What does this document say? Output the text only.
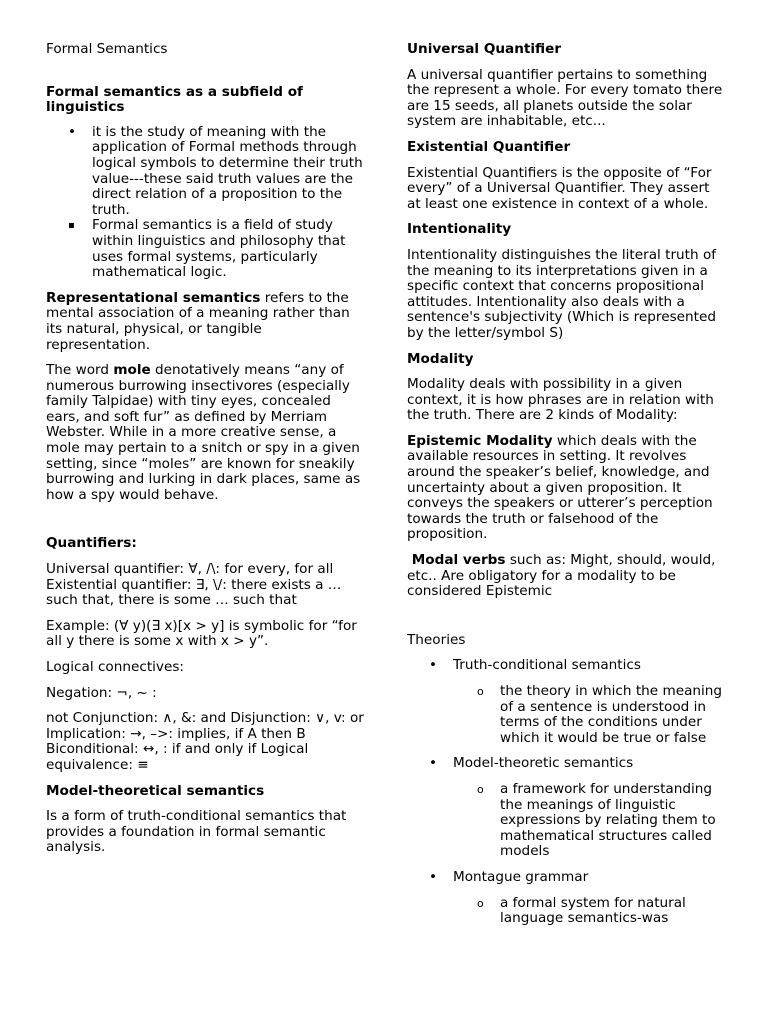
Formal Semantics

Formal semantics as a subfield of linguistics
• it is the study of meaning with the application of Formal methods through logical symbols to determine their truth value---these said truth values are the direct relation of a proposition to the truth.
▪ Formal semantics is a field of study within linguistics and philosophy that uses formal systems, particularly mathematical logic.

Representational semantics refers to the mental association of a meaning rather than its natural, physical, or tangible representation.

The word mole denotatively means “any of numerous burrowing insectivores (especially family Talpidae) with tiny eyes, concealed ears, and soft fur” as defined by Merriam Webster. While in a more creative sense, a mole may pertain to a snitch or spy in a given setting, since “moles” are known for sneakily burrowing and lurking in dark places, same as how a spy would behave.

Quantifiers:

Universal quantifier: ∀, /\: for every, for all
Existential quantifier: ∃, \/: there exists a … such that, there is some … such that

Example: (∀ y)(∃ x)[x > y] is symbolic for “for all y there is some x with x > y”.

Logical connectives:

Negation: ¬, ~ :

not Conjunction: ∧, &: and Disjunction: ∨, v: or Implication: →, –>: implies, if A then B Biconditional: ↔, : if and only if Logical equivalence: ≡

Model-theoretical semantics

Is a form of truth-conditional semantics that provides a foundation in formal semantic analysis.

Universal Quantifier

A universal quantifier pertains to something the represent a whole. For every tomato there are 15 seeds, all planets outside the solar system are inhabitable, etc...

Existential Quantifier

Existential Quantifiers is the opposite of “For every” of a Universal Quantifier. They assert at least one existence in context of a whole.

Intentionality

Intentionality distinguishes the literal truth of the meaning to its interpretations given in a specific context that concerns propositional attitudes. Intentionality also deals with a sentence's subjectivity (Which is represented by the letter/symbol S)

Modality

Modality deals with possibility in a given context, it is how phrases are in relation with the truth. There are 2 kinds of Modality:

Epistemic Modality which deals with the available resources in setting. It revolves around the speaker’s belief, knowledge, and uncertainty about a given proposition. It conveys the speakers or utterer’s perception towards the truth or falsehood of the proposition.

Modal verbs such as: Might, should, would, etc.. Are obligatory for a modality to be considered Epistemic

Theories

• Truth-conditional semantics
o the theory in which the meaning of a sentence is understood in terms of the conditions under which it would be true or false
• Model-theoretic semantics
o a framework for understanding the meanings of linguistic expressions by relating them to mathematical structures called models
• Montague grammar
o a formal system for natural language semantics-was
